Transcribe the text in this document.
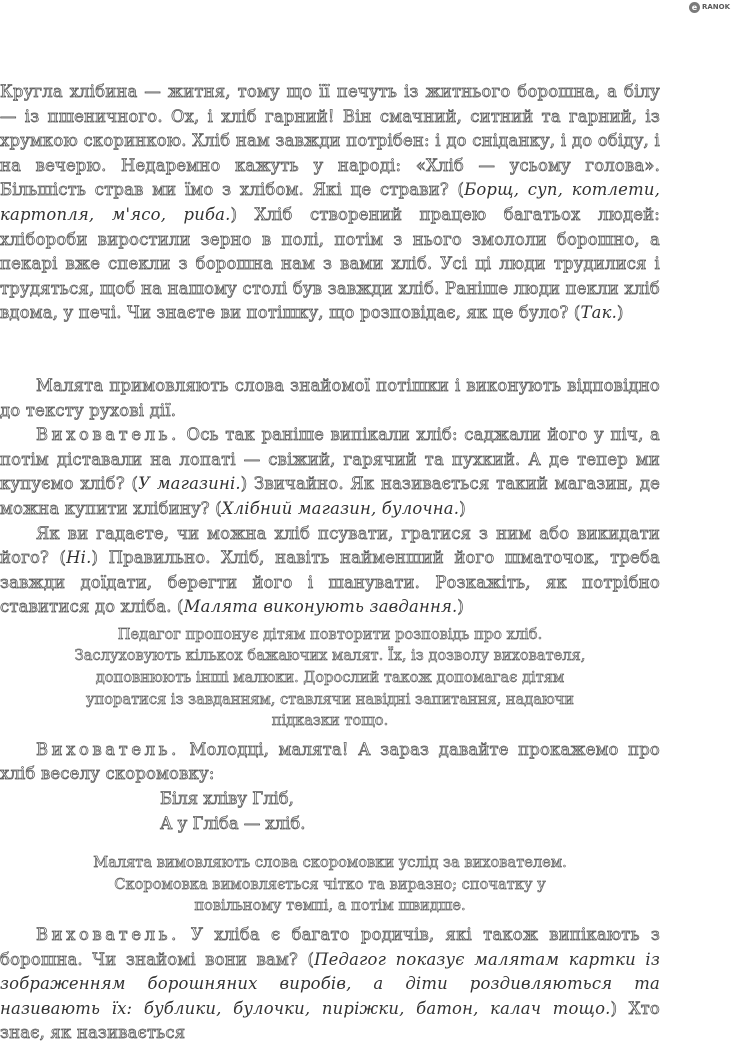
e RANOK

Кругла хлібина — житня, тому що її печуть із житнього борошна, а білу — із пшеничного. Ох, і хліб гарний! Він смачний, ситний та гарний, із хрумкою скоринкою. Хліб нам завжди потрібен: і до сніданку, і до обіду, і на вечерю. Недаремно кажуть у народі: «Хліб — усьому голова». Більшість страв ми їмо з хлібом. Які це страви? (Борщ, суп, котлети, картопля, м'ясо, риба.) Хліб створений працею багатьох людей: хлібороби виростили зерно в полі, потім з нього змололи борошно, а пекарі вже спекли з борошна нам з вами хліб. Усі ці люди трудилися і трудяться, щоб на нашому столі був завжди хліб. Раніше люди пекли хліб вдома, у печі. Чи знаєте ви потішку, що розповідає, як це було? (Так.)

Малята примовляють слова знайомої потішки і виконують відповідно до тексту рухові дії.

Вихователь. Ось так раніше випікали хліб: саджали його у піч, а потім діставали на лопаті — свіжий, гарячий та пухкий. А де тепер ми купуємо хліб? (У магазині.) Звичайно. Як називається такий магазин, де можна купити хлібину? (Хлібний магазин, булочна.)

Як ви гадаєте, чи можна хліб псувати, гратися з ним або викидати його? (Ні.) Правильно. Хліб, навіть найменший його шматочок, треба завжди доїдати, берегти його і шанувати. Розкажіть, як потрібно ставитися до хліба. (Малята виконують завдання.)

Педагог пропонує дітям повторити розповідь про хліб. Заслуховують кількох бажаючих малят. Їх, із дозволу вихователя, доповнюють інші малюки. Дорослий також допомагає дітям упоратися із завданням, ставлячи навідні запитання, надаючи підказки тощо.

Вихователь. Молодці, малята! А зараз давайте прокажемо про хліб веселу скоромовку:

Біля хліву Гліб,
А у Гліба — хліб.

Малята вимовляють слова скоромовки услід за вихователем. Скоромовка вимовляється чітко та виразно; спочатку у повільному темпі, а потім швидше.

Вихователь. У хліба є багато родичів, які також випікають з борошна. Чи знайомі вони вам? (Педагог показує малятам картки із зображенням борошняних виробів, а діти роздивляються та називають їх: бублики, булочки, пиріжки, батон, калач тощо.) Хто знає, як називається
